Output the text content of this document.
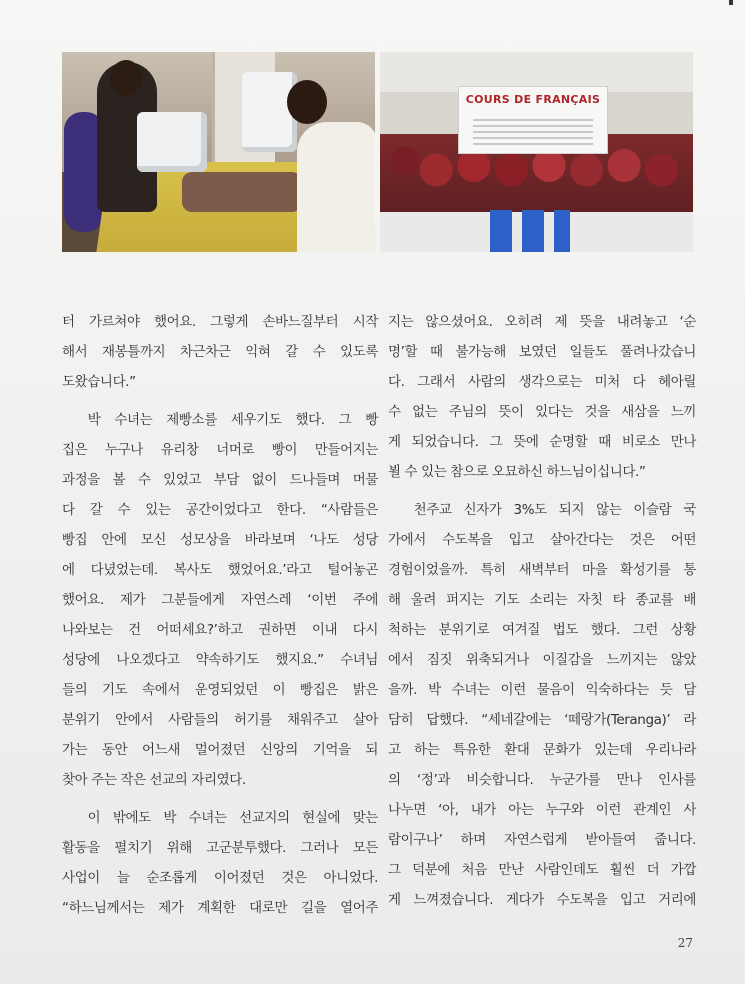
COURS DE FRANÇAIS

터 가르쳐야 했어요. 그렇게 손바느질부터 시작
해서 재봉틀까지 차근차근 익혀 갈 수 있도록
도왔습니다.”

박 수녀는 제빵소를 세우기도 했다. 그 빵
집은 누구나 유리창 너머로 빵이 만들어지는
과정을 볼 수 있었고 부담 없이 드나들며 머물
다 갈 수 있는 공간이었다고 한다. “사람들은
빵집 안에 모신 성모상을 바라보며 ‘나도 성당
에 다녔었는데. 복사도 했었어요.’라고 털어놓곤
했어요. 제가 그분들에게 자연스레 ‘이번 주에
나와보는 건 어떠세요?’하고 권하면 이내 다시
성당에 나오겠다고 약속하기도 했지요.” 수녀님
들의 기도 속에서 운영되었던 이 빵집은 밝은
분위기 안에서 사람들의 허기를 채워주고 살아
가는 동안 어느새 멀어졌던 신앙의 기억을 되
찾아 주는 작은 선교의 자리였다.

이 밖에도 박 수녀는 선교지의 현실에 맞는
활동을 펼치기 위해 고군분투했다. 그러나 모든
사업이 늘 순조롭게 이어졌던 것은 아니었다.
“하느님께서는 제가 계획한 대로만 길을 열어주

지는 않으셨어요. 오히려 제 뜻을 내려놓고 ‘순
명’할 때 불가능해 보였던 일들도 풀려나갔습니
다. 그래서 사람의 생각으로는 미처 다 헤아릴
수 없는 주님의 뜻이 있다는 것을 새삼을 느끼
게 되었습니다. 그 뜻에 순명할 때 비로소 만나
뵐 수 있는 참으로 오묘하신 하느님이십니다.”

천주교 신자가 3%도 되지 않는 이슬람 국
가에서 수도복을 입고 살아간다는 것은 어떤
경험이었을까. 특히 새벽부터 마을 확성기를 통
해 울려 퍼지는 기도 소리는 자칫 타 종교를 배
척하는 분위기로 여겨질 법도 했다. 그런 상황
에서 짐짓 위축되거나 이질감을 느끼지는 않았
을까. 박 수녀는 이런 물음이 익숙하다는 듯 담
담히 답했다. “세네갈에는 ‘떼랑가(Teranga)’ 라
고 하는 특유한 환대 문화가 있는데 우리나라
의 ‘정’과 비슷합니다. 누군가를 만나 인사를
나누면 ‘아, 내가 아는 누구와 이런 관계인 사
람이구나’ 하며 자연스럽게 받아들여 줍니다.
그 덕분에 처음 만난 사람인데도 훨씬 더 가깝
게 느껴졌습니다. 게다가 수도복을 입고 거리에

27
